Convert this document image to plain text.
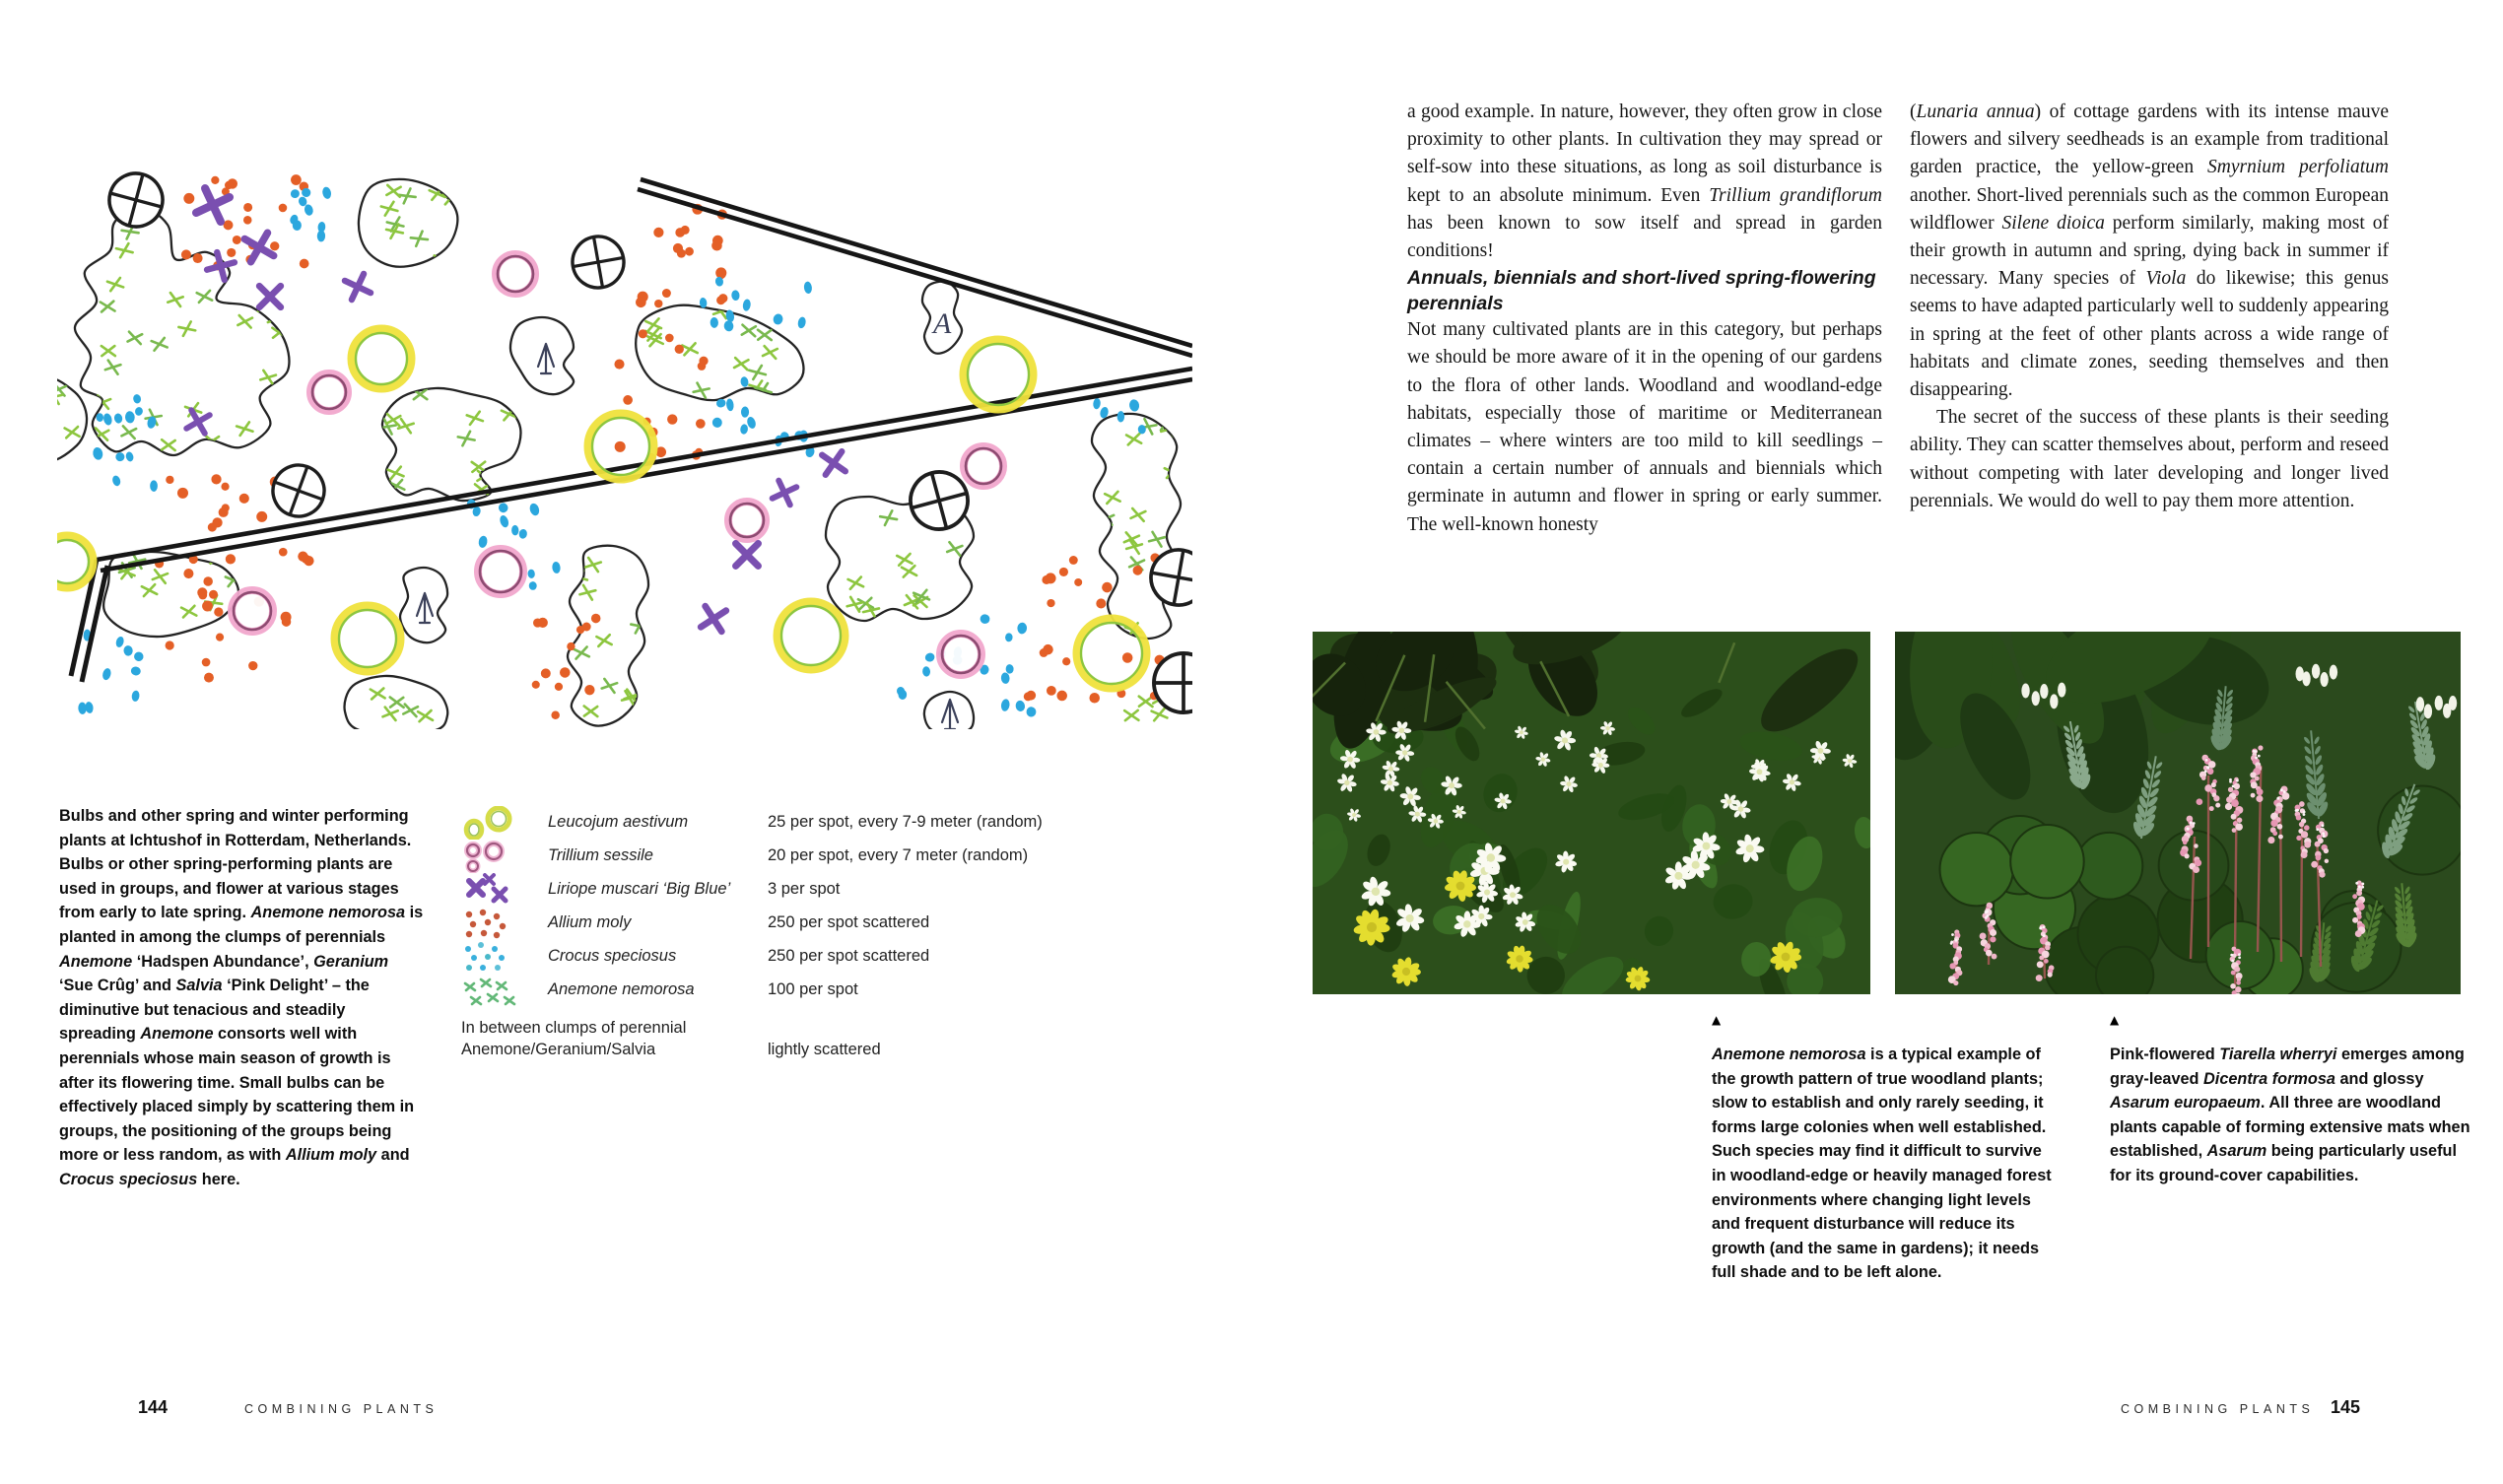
A
Bulbs and other spring and winter performing plants at Ichtushof in Rotterdam, Netherlands. Bulbs or other spring-performing plants are used in groups, and flower at various stages from early to late spring. Anemone nemorosa is planted in among the clumps of perennials Anemone ‘Hadspen Abundance’, Geranium ‘Sue Crûg’ and Salvia ‘Pink Delight’ – the diminutive but tenacious and steadily spreading Anemone consorts well with perennials whose main season of growth is after its flowering time. Small bulbs can be effectively placed simply by scattering them in groups, the positioning of the groups being more or less random, as with Allium moly and Crocus speciosus here.
Leucojum aestivum	25 per spot, every 7-9 meter (random)
Trillium sessile	20 per spot, every 7 meter (random)
Liriope muscari ‘Big Blue’ 3 per spot
Allium moly	250 per spot scattered
Crocus speciosus	250 per spot scattered
Anemone nemorosa	100 per spot
In between clumps of perennial
Anemone/Geranium/Salvia	lightly scattered
144	COMBINING PLANTS

a good example. In nature, however, they often grow in close proximity to other plants. In cultivation they may spread or self-sow into these situations, as long as soil disturbance is kept to an absolute minimum. Even Trillium grandiflorum has been known to sow itself and spread in garden conditions!

Annuals, biennials and short-lived spring-flowering perennials

Not many cultivated plants are in this category, but perhaps we should be more aware of it in the opening of our gardens to the flora of other lands. Woodland and woodland-edge habitats, especially those of maritime or Mediterranean climates – where winters are too mild to kill seedlings – contain a certain number of annuals and biennials which germinate in autumn and flower in spring or early summer. The well-known honesty

(Lunaria annua) of cottage gardens with its intense mauve flowers and silvery seedheads is an example from traditional garden practice, the yellow-green Smyrnium perfoliatum another. Short-lived perennials such as the common European wildflower Silene dioica perform similarly, making most of their growth in autumn and spring, dying back in summer if necessary. Many species of Viola do likewise; this genus seems to have adapted particularly well to suddenly appearing in spring at the feet of other plants across a wide range of habitats and climate zones, seeding themselves and then disappearing.

The secret of the success of these plants is their seeding ability. They can scatter themselves about, perform and reseed without competing with later developing and longer lived perennials. We would do well to pay them more attention.

▲
Anemone nemorosa is a typical example of the growth pattern of true woodland plants; slow to establish and only rarely seeding, it forms large colonies when well established. Such species may find it difficult to survive in woodland-edge or heavily managed forest environments where changing light levels and frequent disturbance will reduce its growth (and the same in gardens); it needs full shade and to be left alone.
▲
Pink-flowered Tiarella wherryi emerges among gray-leaved Dicentra formosa and glossy Asarum europaeum. All three are woodland plants capable of forming extensive mats when established, Asarum being particularly useful for its ground-cover capabilities.
COMBINING PLANTS 145
